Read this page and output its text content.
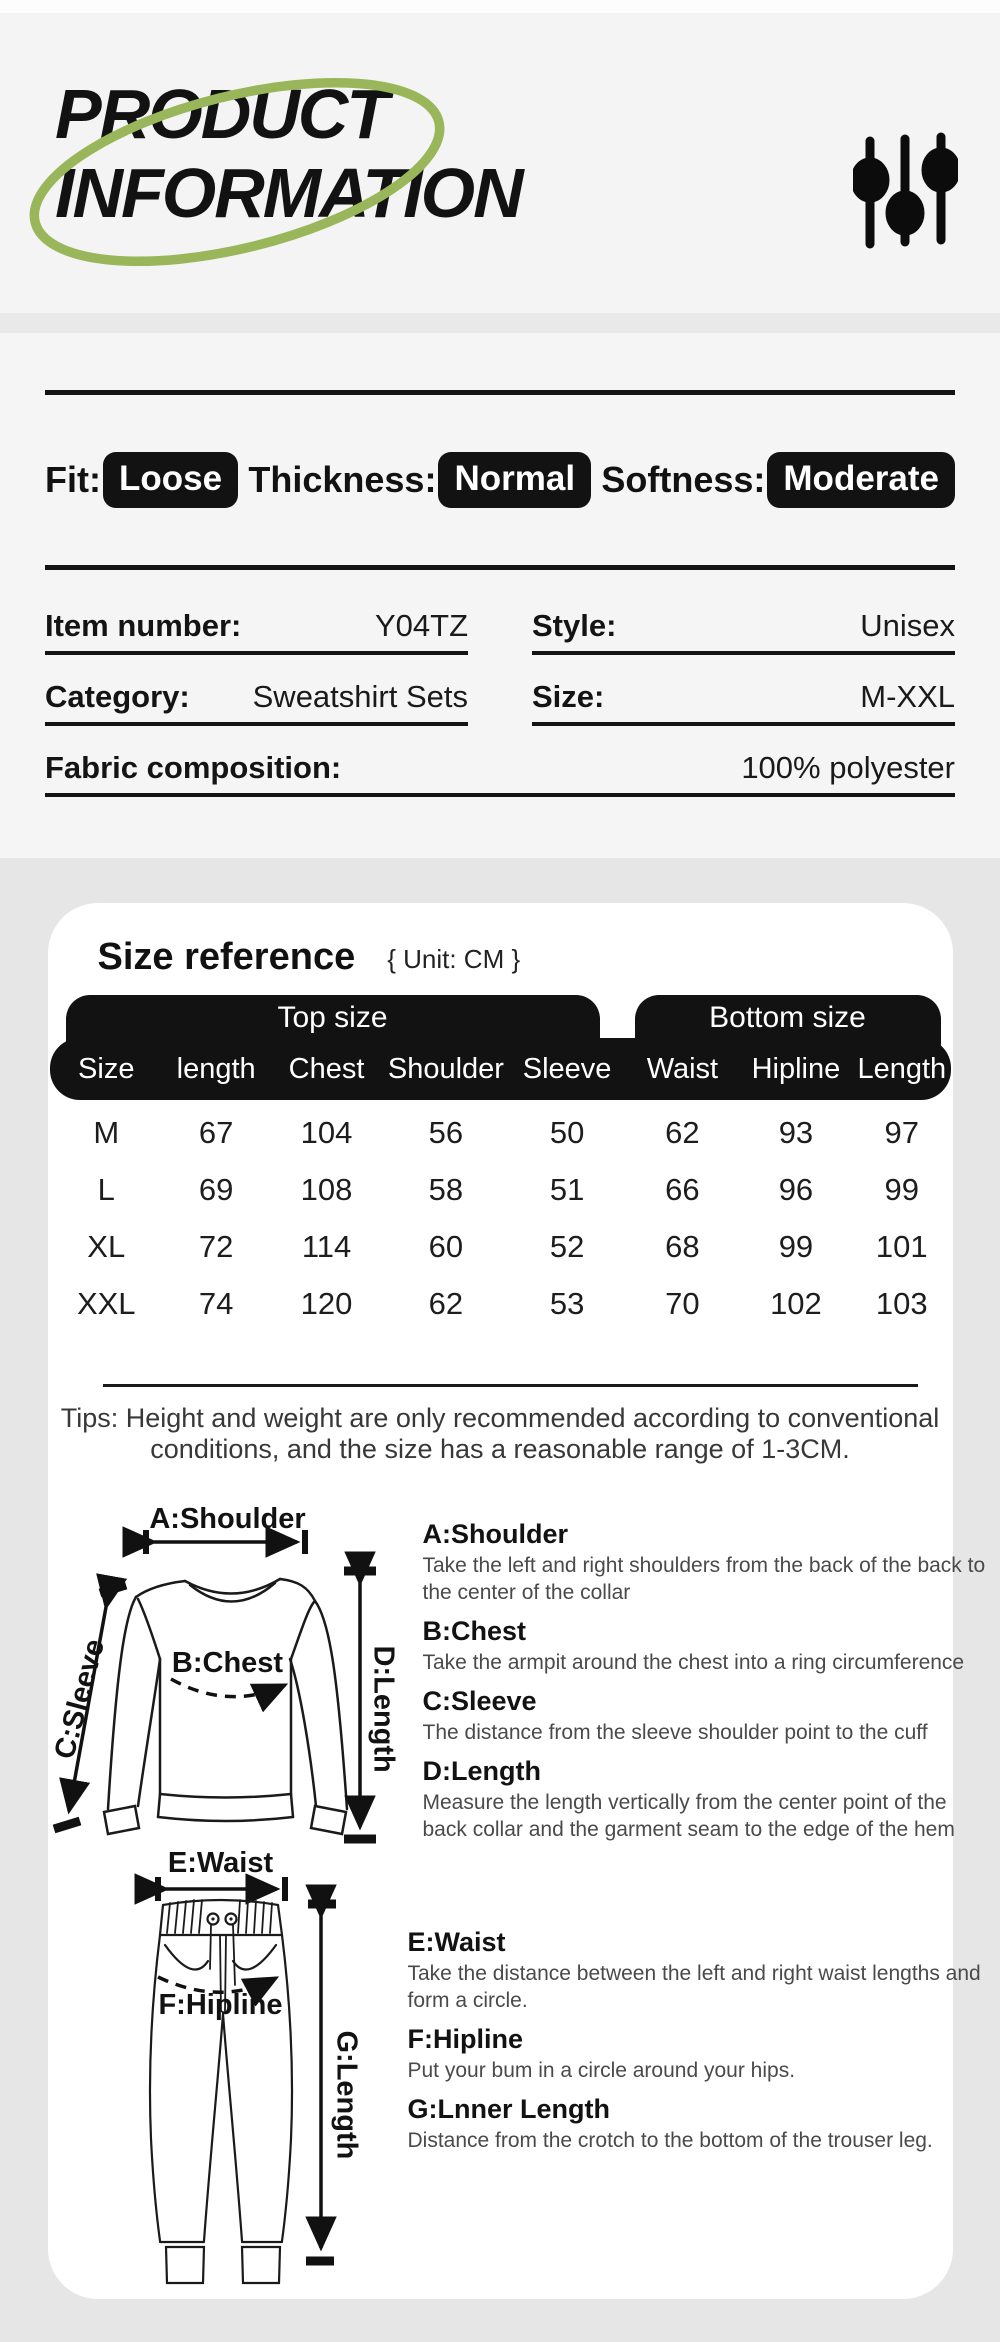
PRODUCT
INFORMATION
Fit: Loose Thickness: Normal Softness: Moderate
Item number:	Y04TZ Style:	Unisex
Category: Sweatshirt Sets Size:	M-XXL
Fabric composition:	100% polyester
Size reference { Unit: CM }
Top size	Bottom size
Size	length	Chest Shoulder Sleeve	Waist	Hipline Length
M	67	104	56	50	62	93	97
L	69	108	58	51	66	96	99
XL	72	114	60	52	68	99	101
XXL	74	120	62	53	70	102	103
Tips: Height and weight are only recommended according to conventional
conditions, and the size has a reasonable range of 1-3CM.
A:Shoulder
B:Chest
C:Sleeve	D:Length
A:Shoulder
Take the left and right shoulders from the back of the back to the center of the collar
B:Chest
Take the armpit around the chest into a ring circumference
C:Sleeve
The distance from the sleeve shoulder point to the cuff
D:Length
Measure the length vertically from the center point of the back collar and the garment seam to the edge of the hem
E:Waist
F:Hipline
G:Length
E:Waist
Take the distance between the left and right waist lengths and form a circle.
F:Hipline
Put your bum in a circle around your hips.
G:Lnner Length
Distance from the crotch to the bottom of the trouser leg.
